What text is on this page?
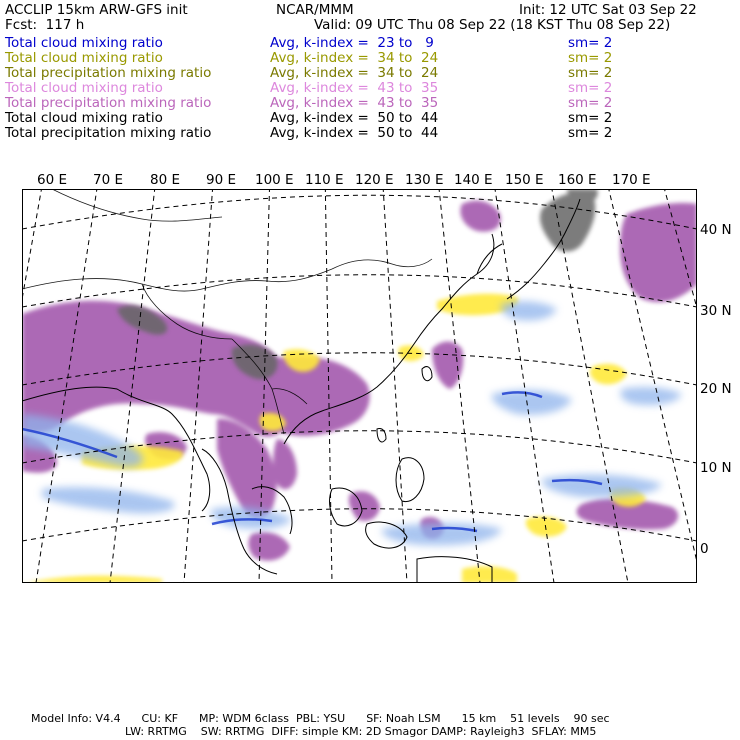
ACCLIP 15km ARW-GFS init	NCAR/MMM	Init: 12 UTC Sat 03 Sep 22
Fcst:  117 h	Valid: 09 UTC Thu 08 Sep 22 (18 KST Thu 08 Sep 22)
Total cloud mixing ratio	Avg, k-index =  23 to   9	sm= 2
Total cloud mixing ratio	Avg, k-index =  34 to  24	sm= 2
Total precipitation mixing ratio	Avg, k-index =  34 to  24	sm= 2
Total cloud mixing ratio	Avg, k-index =  43 to  35	sm= 2
Total precipitation mixing ratio	Avg, k-index =  43 to  35	sm= 2
Total cloud mixing ratio	Avg, k-index =  50 to  44	sm= 2
Total precipitation mixing ratio	Avg, k-index =  50 to  44	sm= 2
60 E 70 E 80 E 90 E 100 E 110 E 120 E 130 E 140 E 150 E 160 E 170 E
40 N
30 N
20 N
10 N
0
Model Info: V4.4      CU: KF      MP: WDM 6class  PBL: YSU      SF: Noah LSM      15 km    51 levels    90 sec
LW: RRTMG    SW: RRTMG  DIFF: simple KM: 2D Smagor DAMP: Rayleigh3  SFLAY: MM5
